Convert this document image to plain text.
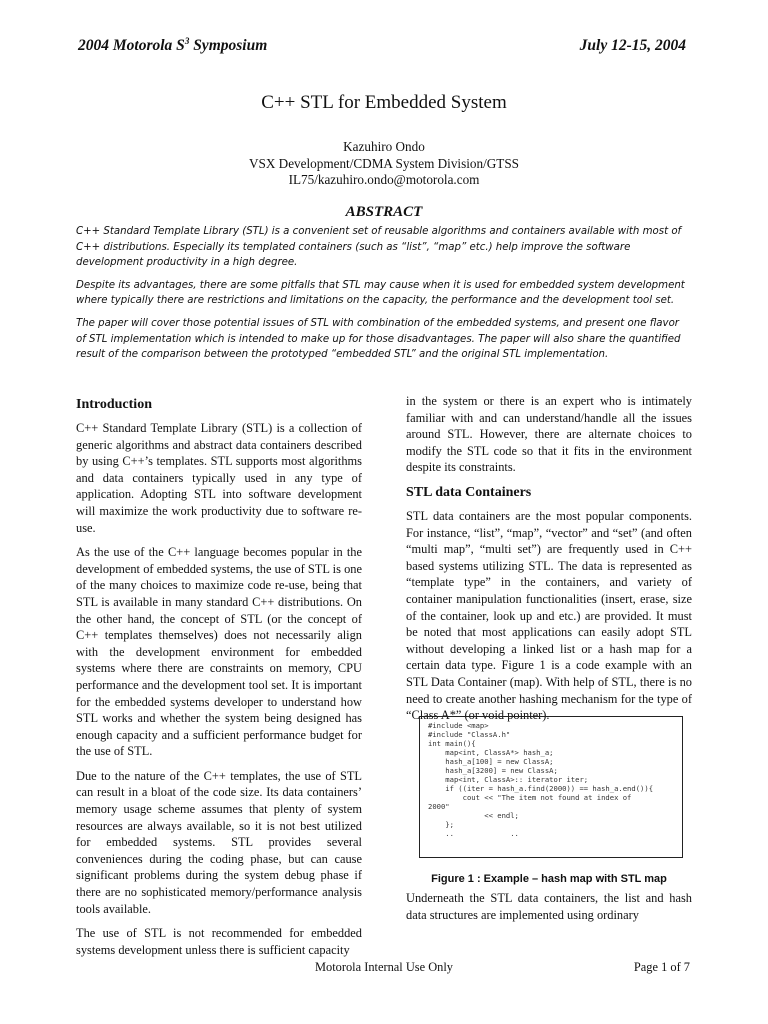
2004 Motorola $S^3$ Symposium	July 12-15, 2004
C++ STL for Embedded System
Kazuhiro Ondo
VSX Development/CDMA System Division/GTSS
IL75/kazuhiro.ondo@motorola.com
ABSTRACT

C++ Standard Template Library (STL) is a convenient set of reusable algorithms and containers available with most of C++ distributions. Especially its templated containers (such as “list”, “map” etc.) help improve the software development productivity in a high degree.

Despite its advantages, there are some pitfalls that STL may cause when it is used for embedded system development where typically there are restrictions and limitations on the capacity, the performance and the development tool set.

The paper will cover those potential issues of STL with combination of the embedded systems, and present one flavor of STL implementation which is intended to make up for those disadvantages. The paper will also share the quantified result of the comparison between the prototyped “embedded STL” and the original STL implementation.

Introduction

C++ Standard Template Library (STL) is a collection of generic algorithms and abstract data containers described by using C++’s templates. STL supports most algorithms and data containers typically used in any type of application. Adopting STL into software development will maximize the work productivity due to software re-use.

As the use of the C++ language becomes popular in the development of embedded systems, the use of STL is one of the many choices to maximize code re-use, being that STL is available in many standard C++ distributions. On the other hand, the concept of STL (or the concept of C++ templates themselves) does not necessarily align with the development environment for embedded systems where there are constraints on memory, CPU performance and the development tool set. It is important for the embedded systems developer to understand how STL works and whether the system being designed has enough capacity and a sufficient performance budget for the use of STL.

Due to the nature of the C++ templates, the use of STL can result in a bloat of the code size. Its data containers’ memory usage scheme assumes that plenty of system resources are always available, so it is not best utilized for embedded systems. STL provides several conveniences during the coding phase, but can cause significant problems during the system debug phase if there are no sophisticated memory/performance analysis tools available.

The use of STL is not recommended for embedded systems development unless there is sufficient capacity

in the system or there is an expert who is intimately familiar with and can understand/handle all the issues around STL. However, there are alternate choices to modify the STL code so that it fits in the environment despite its constraints.

STL data Containers

STL data containers are the most popular components. For instance, “list”, “map”, “vector” and “set” (and often “multi map”, “multi set”) are frequently used in C++ based systems utilizing STL. The data is represented as “template type” in the containers, and variety of container manipulation functionalities (insert, erase, size of the container, look up and etc.) are provided. It must be noted that most applications can easily adopt STL without developing a linked list or a hash map for a certain data type. Figure 1 is a code example with an STL Data Container (map). With help of STL, there is no need to create another hashing mechanism for the type of “Class A*” (or void pointer).

#include <map>
#include "ClassA.h"
int main(){
map<int, ClassA*> hash_a;
hash_a[100] = new ClassA;
hash_a[3200] = new ClassA;
map<int, ClassA>:: iterator iter;
if ((iter = hash_a.find(2000)) == hash_a.end()){
cout << "The item not found at index of
2000"
<< endl;
};
..             ..
Figure 1 : Example – hash map with STL map

Underneath the STL data containers, the list and hash data structures are implemented using ordinary

Motorola Internal Use Only	Page 1 of 7
